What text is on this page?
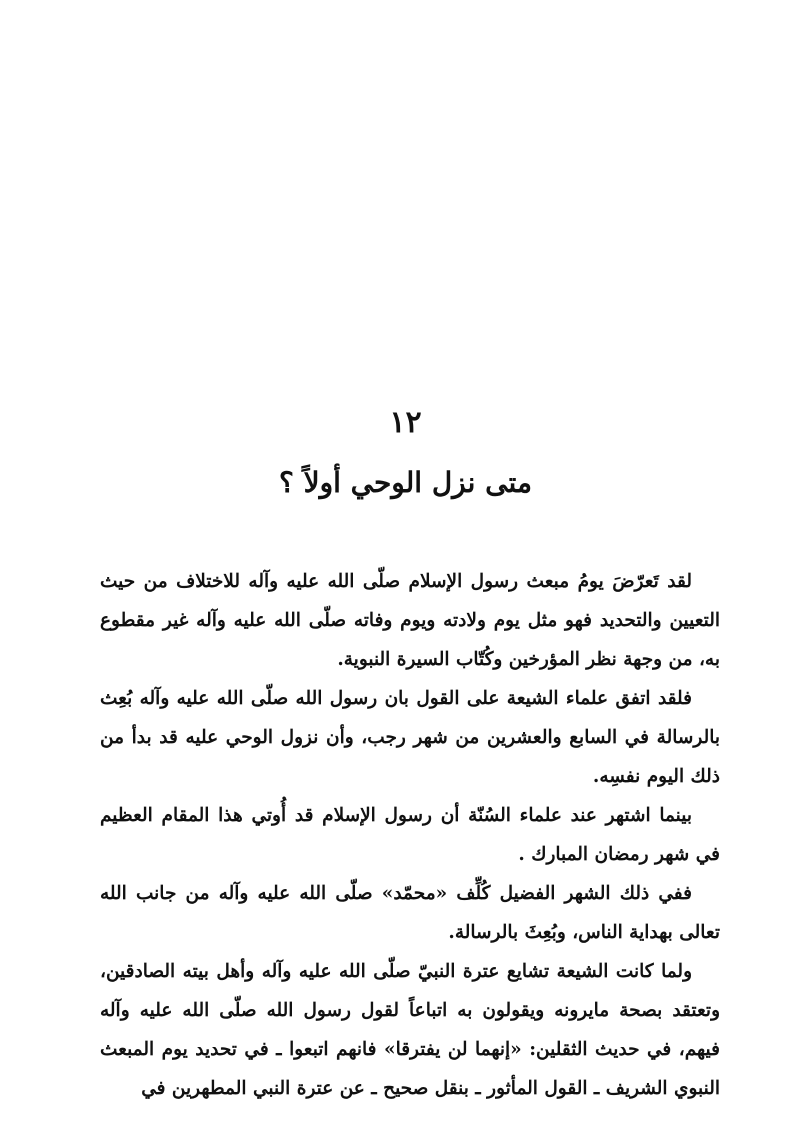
١٢
متى نزل الوحي أولاً ؟

لقد تَعرّضَ يومُ مبعث رسول الإسلام صلّى الله عليه وآله للاختلاف من حيث التعيين والتحديد فهو مثل يوم ولادته ويوم وفاته صلّى الله عليه وآله غير مقطوع به، من وجهة نظر المؤرخين وكُتّاب السيرة النبوية.

فلقد اتفق علماء الشيعة على القول بان رسول الله صلّى الله عليه وآله بُعِث بالرسالة في السابع والعشرين من شهر رجب، وأن نزول الوحي عليه قد بدأ من ذلك اليوم نفسِه.

بينما اشتهر عند علماء السُنّة أن رسول الإسلام قد أُوتي هذا المقام العظيم في شهر رمضان المبارك .

ففي ذلك الشهر الفضيل كُلِّف «محمّد» صلّى الله عليه وآله من جانب الله تعالى بهداية الناس، وبُعِثَ بالرسالة.

ولما كانت الشيعة تشايع عترة النبيّ صلّى الله عليه وآله وأهل بيته الصادقين، وتعتقد بصحة مايرونه ويقولون به اتباعاً لقول رسول الله صلّى الله عليه وآله فيهم، في حديث الثقلين: «إنهما لن يفترقا» فانهم اتبعوا ـ في تحديد يوم المبعث النبوي الشريف ـ القول المأثور ـ بنقل صحيح ـ عن عترة النبي المطهرين في
